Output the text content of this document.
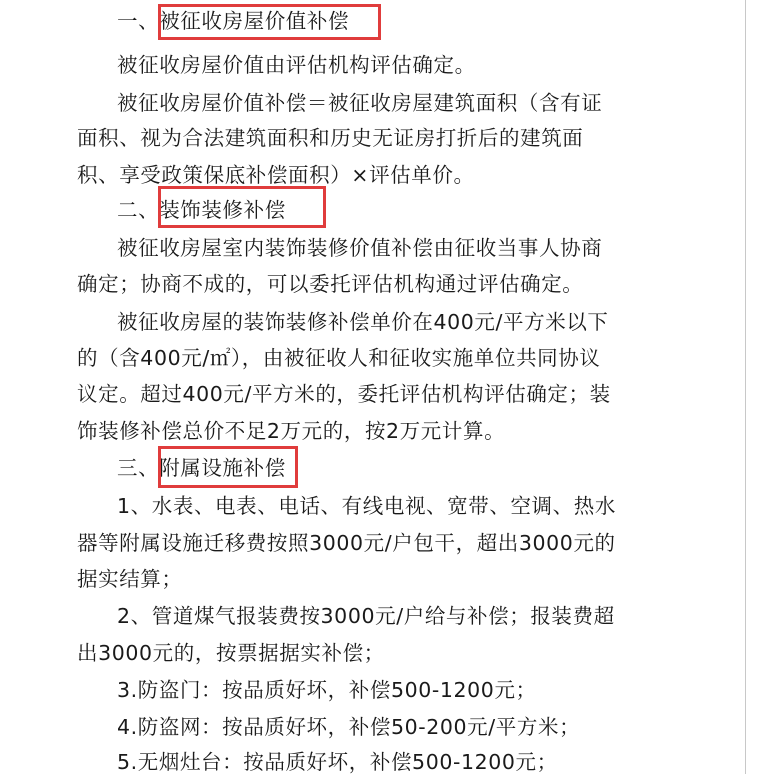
一、被征收房屋价值补偿
被征收房屋价值由评估机构评估确定。
被征收房屋价值补偿＝被征收房屋建筑面积（含有证
面积、视为合法建筑面积和历史无证房打折后的建筑面
积、享受政策保底补偿面积）×评估单价。
二、装饰装修补偿
被征收房屋室内装饰装修价值补偿由征收当事人协商
确定；协商不成的，可以委托评估机构通过评估确定。
被征收房屋的装饰装修补偿单价在400元/平方米以下
的（含400元/㎡），由被征收人和征收实施单位共同协议
议定。超过400元/平方米的，委托评估机构评估确定；装
饰装修补偿总价不足2万元的，按2万元计算。
三、附属设施补偿
1、水表、电表、电话、有线电视、宽带、空调、热水
器等附属设施迁移费按照3000元/户包干，超出3000元的
据实结算；
2、管道煤气报装费按3000元/户给与补偿；报装费超
出3000元的，按票据据实补偿；
3.防盗门：按品质好坏，补偿500-1200元；
4.防盗网：按品质好坏，补偿50-200元/平方米；
5.无烟灶台：按品质好坏，补偿500-1200元；
